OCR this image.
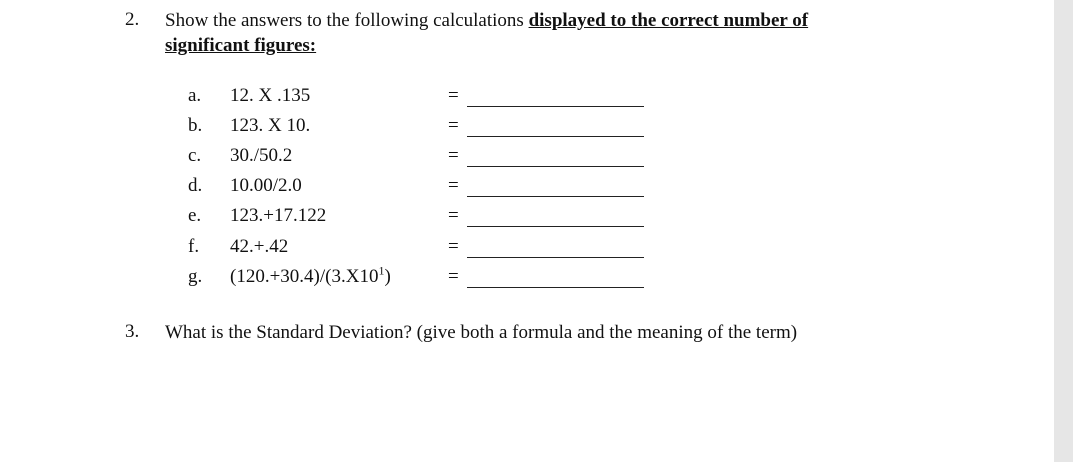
2. Show the answers to the following calculations displayed to the correct number of
significant figures:
a. 12. X .135	=
b. 123. X 10.	=
c. 30./50.2	=
d. 10.00/2.0	=
e. 123.+17.122	=
f. 42.+.42	=
g. $(120.+30.4)/(3.X10^1)$	=
3. What is the Standard Deviation? (give both a formula and the meaning of the term)
